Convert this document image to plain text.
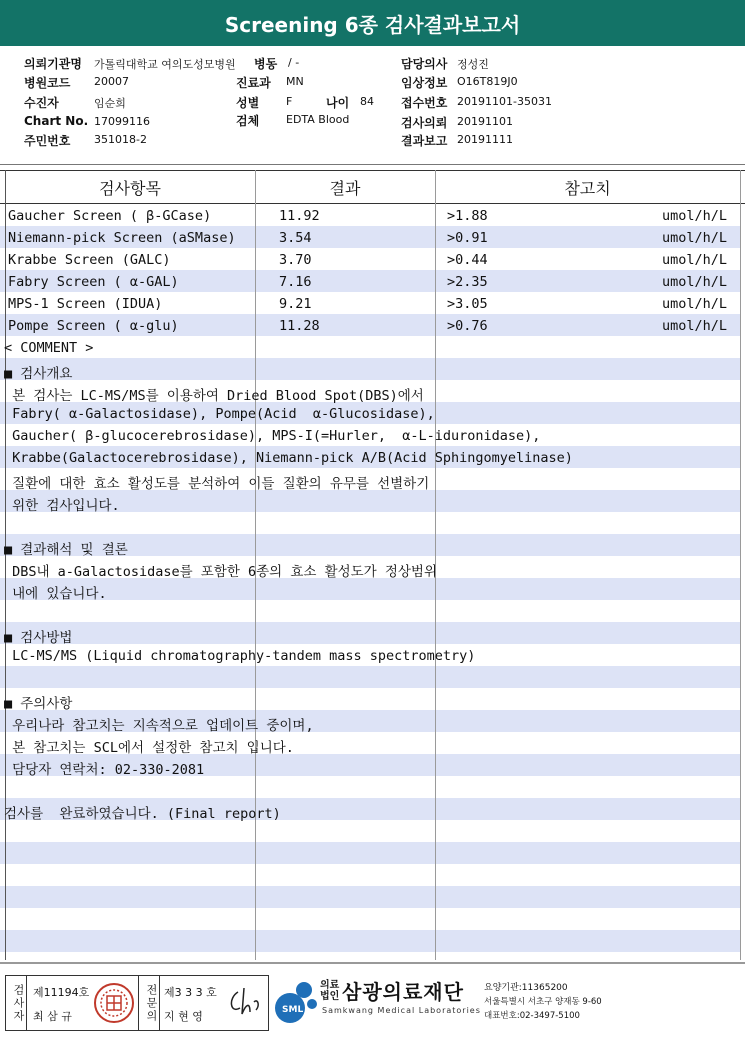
Screening 6종 검사결과보고서
의뢰기관명 가톨릭대학교 여의도성모병원
병원코드 20007
수진자	임순희
Chart No. 17099116
주민번호 351018-2
병동 / -
진료과 MN
성별 F	나이 84
검체 EDTA Blood
담당의사 정성진
임상정보 O16T819J0
접수번호 20191101-35031
검사의뢰 20191101
결과보고 20191111
검사항목	결과	참고치
Gaucher Screen ( β-GCase)	11.92	>1.88	umol/h/L
Niemann-pick Screen (aSMase)	3.54	>0.91	umol/h/L
Krabbe Screen (GALC)	3.70	>0.44	umol/h/L
Fabry Screen ( α-GAL)	7.16	>2.35	umol/h/L
MPS-1 Screen (IDUA)	9.21	>3.05	umol/h/L
Pompe Screen ( α-glu)	11.28	>0.76	umol/h/L
< COMMENT >
■ 검사개요
본 검사는 LC-MS/MS를 이용하여 Dried Blood Spot(DBS)에서
Fabry( α-Galactosidase), Pompe(Acid  α-Glucosidase),
Gaucher( β-glucocerebrosidase), MPS-I(=Hurler,  α-L-iduronidase),
Krabbe(Galactocerebrosidase), Niemann-pick A/B(Acid Sphingomyelinase)
질환에 대한 효소 활성도를 분석하여 이들 질환의 유무를 선별하기
위한 검사입니다.
■ 결과해석 및 결론
DBS내 a-Galactosidase를 포함한 6종의 효소 활성도가 정상범위
내에 있습니다.
■ 검사방법
LC-MS/MS (Liquid chromatography-tandem mass spectrometry)
■ 주의사항
우리나라 참고치는 지속적으로 업데이트 중이며,
본 참고치는 SCL에서 설정한 참고치 입니다.
담당자 연락처: 02-330-2081
검사를  완료하였습니다. (Final report)
검사자 제11194호
최 삼 규	전문의 제3 3 3 호
지 현 영	SML
의료법인 삼광의료재단
Samkwang Medical Laboratories
요양기관:11365200
서울특별시 서초구 양재동 9-60
대표번호:02-3497-5100
